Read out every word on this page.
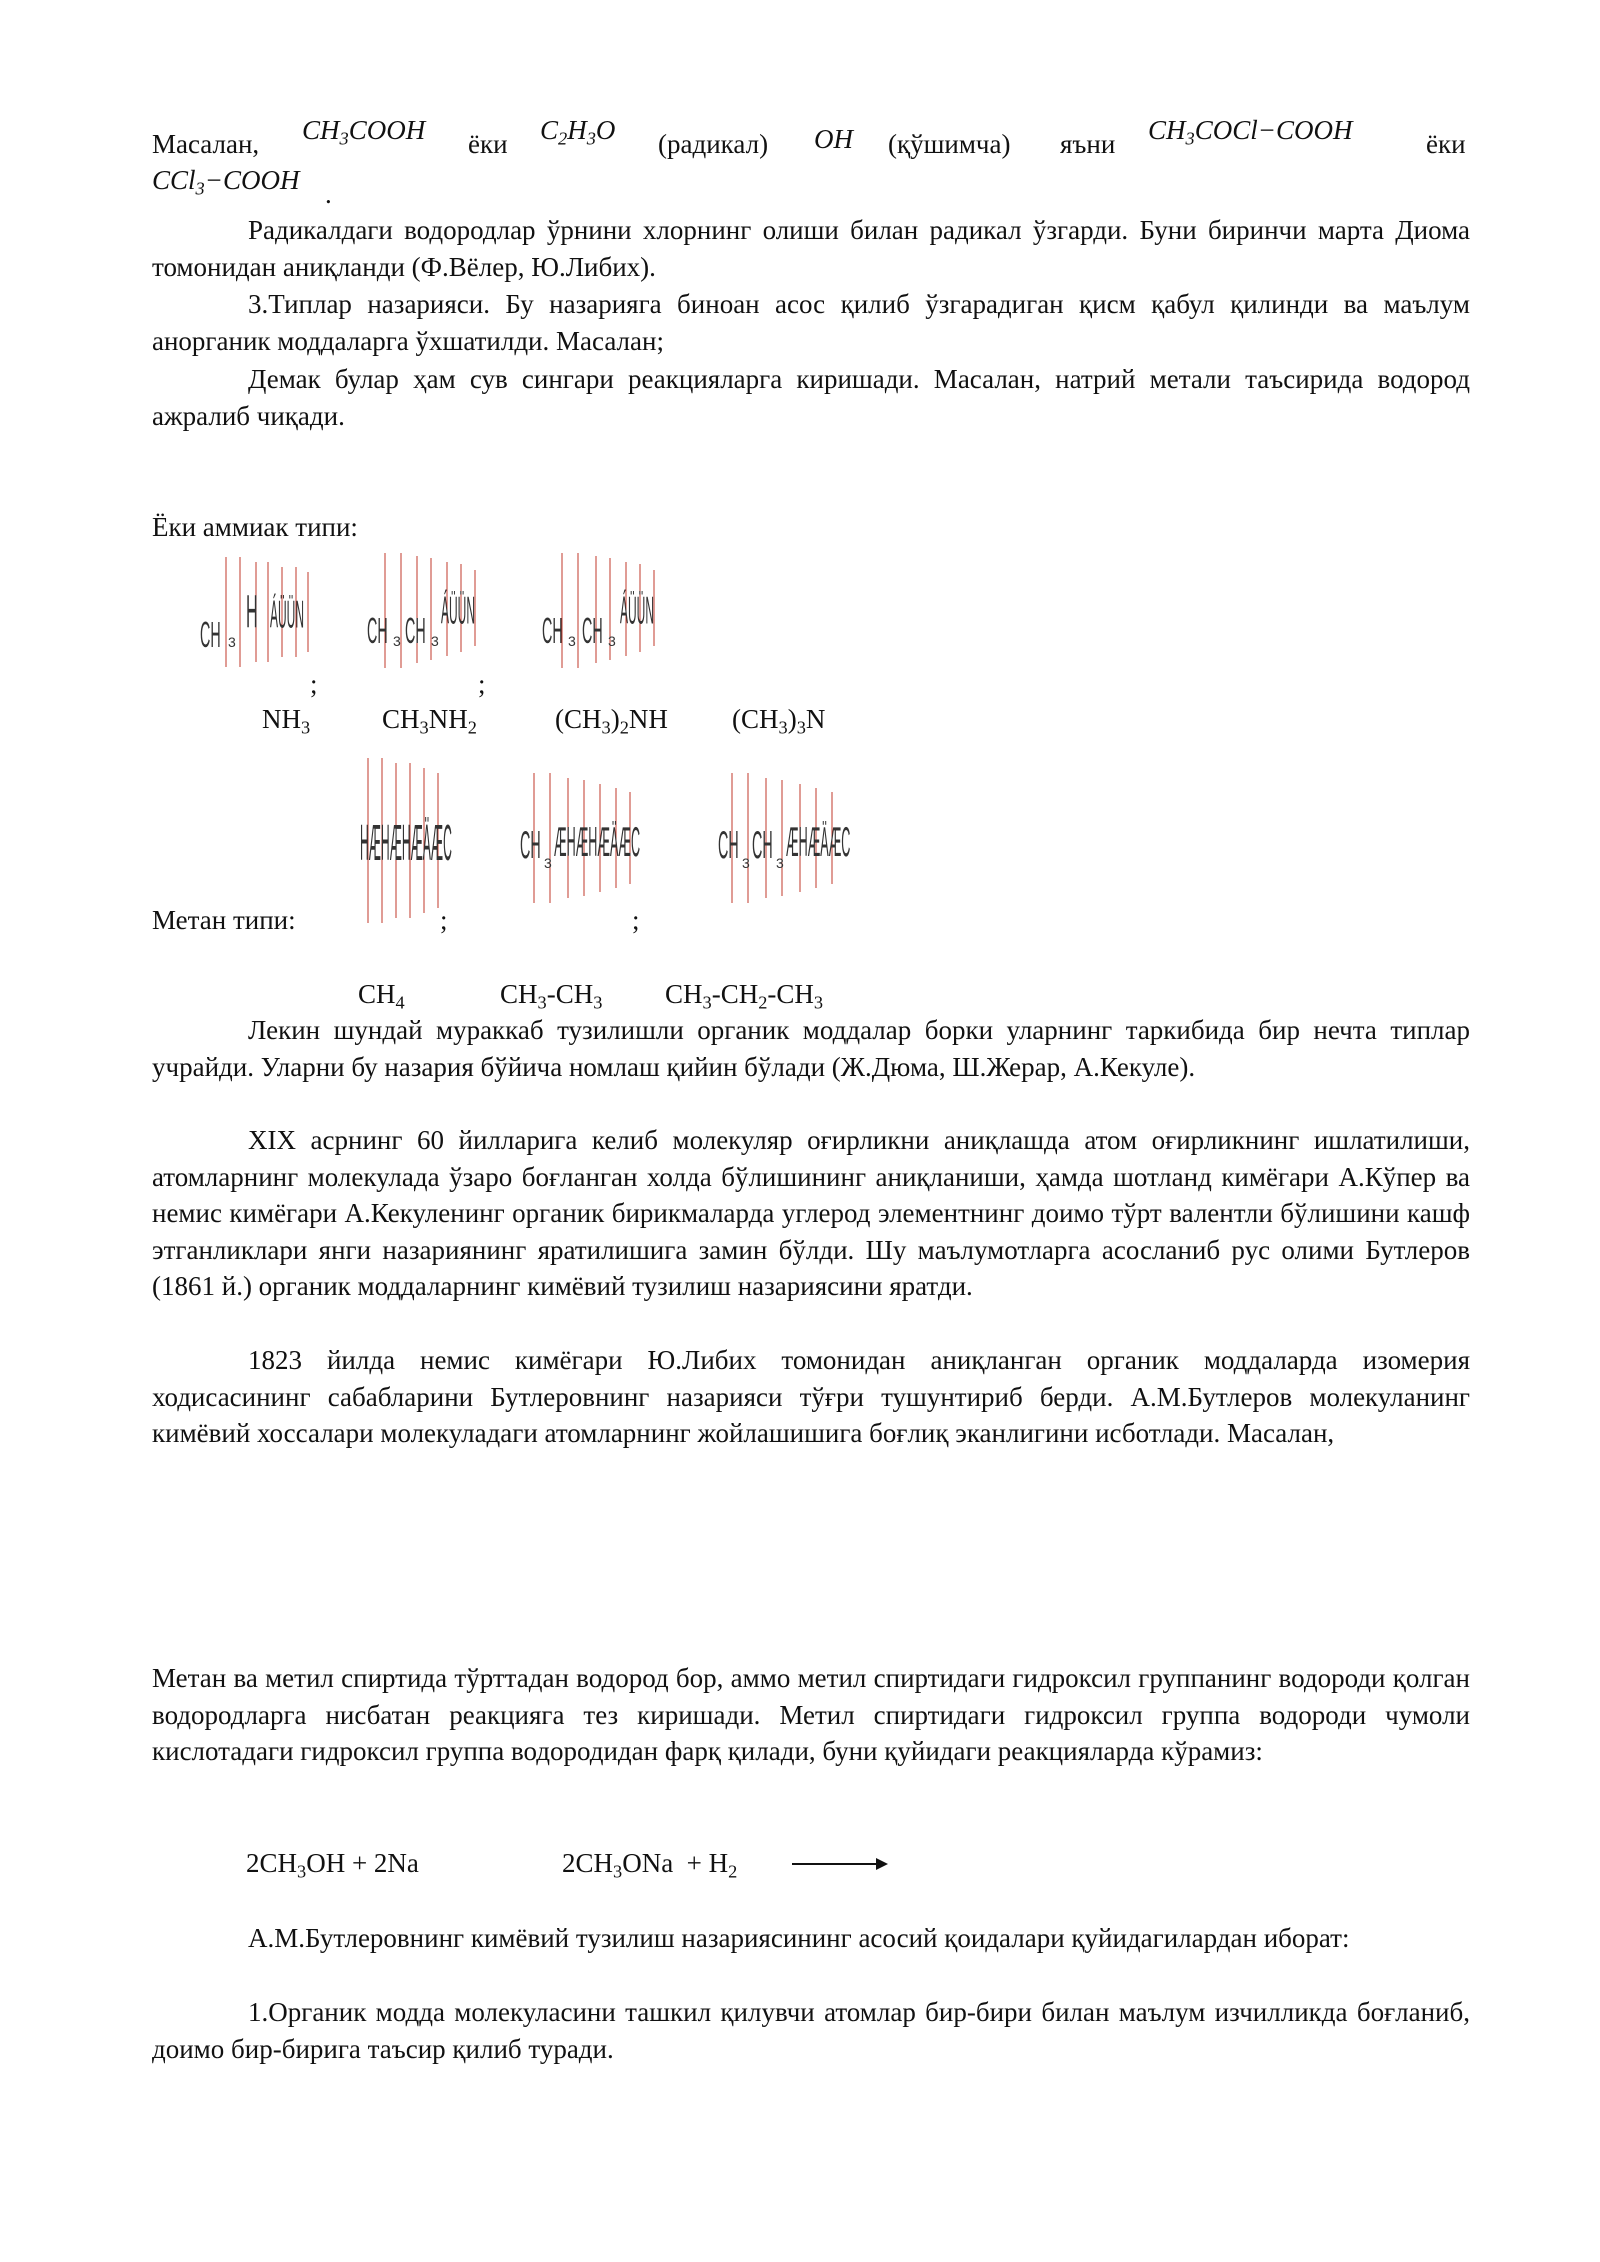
Масалан, $CH_3COOH$ ёки $C_2H_3O$ (радикал) OH (қўшимча) яъни $CH_3COCl-COOH$	ёки
CCl$_3$−COOH .
Радикалдаги водородлар ўрнини хлорнинг олиши билан радикал ўзгарди. Буни биринчи марта Диома томонидан аниқланди (Ф.Вёлер, Ю.Либих).
3.Типлар назарияси. Бу назарияга биноан асос қилиб ўзгарадиган қисм қабул қилинди ва маълум анорганик моддаларга ўхшатилди. Масалан;
Демак булар ҳам сув сингари реакцияларга киришади. Масалан, натрий метали таъсирида водород ажралиб чиқади.
Ёки аммиак типи:
CH 3
H ÁÜÜN CH 3 CH 3
ÁÜÜN	CH 3 CH 3
ÁÜÜN
;	;
$NH_3$	$CH_3NH_2$	$(CH_3)_2NH$ $(CH_3)_3N$
HÆHÆHÆÄÆC	CH 3 ÆHÆHÆÄÆC	CH 3 CH 3 ÆHÆÄÆC
Метан типи:	;	;
$CH_4$	$CH_3-CH_3$ $CH_3-CH_2-CH_3$
Лекин шундай мураккаб тузилишли органик моддалар борки уларнинг таркибида бир нечта типлар учрайди. Уларни бу назария бўйича номлаш қийин бўлади (Ж.Дюма, Ш.Жерар, А.Кекуле).
XIX асрнинг 60 йилларига келиб молекуляр оғирликни аниқлашда атом оғирликнинг ишлатилиши, атомларнинг молекулада ўзаро боғланган холда бўлишининг аниқланиши, ҳамда шотланд кимёгари А.Кўпер ва немис кимёгари А.Кекуленинг органик бирикмаларда углерод элементнинг доимо тўрт валентли бўлишини кашф этганликлари янги назариянинг яратилишига замин бўлди. Шу маълумотларга асосланиб рус олими Бутлеров (1861 й.) органик моддаларнинг кимёвий тузилиш назариясини яратди.
1823 йилда немис кимёгари Ю.Либих томонидан аниқланган органик моддаларда изомерия ходисасининг сабабларини Бутлеровнинг назарияси тўғри тушунтириб берди. А.М.Бутлеров молекуланинг кимёвий хоссалари молекуладаги атомларнинг жойлашишига боғлиқ эканлигини исботлади. Масалан,
Метан ва метил спиртида тўрттадан водород бор, аммо метил спиртидаги гидроксил группанинг водороди қолган водородларга нисбатан реакцияга тез киришади. Метил спиртидаги гидроксил группа водороди чумоли кислотадаги гидроксил группа водородидан фарқ қилади, буни қуйидаги реакцияларда кўрамиз:
$2CH_3OH + 2Na$	$2CH_3ONa + H_2$
А.М.Бутлеровнинг кимёвий тузилиш назариясининг асосий қоидалари қуйидагилардан иборат:
1.Органик модда молекуласини ташкил қилувчи атомлар бир-бири билан маълум изчилликда боғланиб, доимо бир-бирига таъсир қилиб туради.
